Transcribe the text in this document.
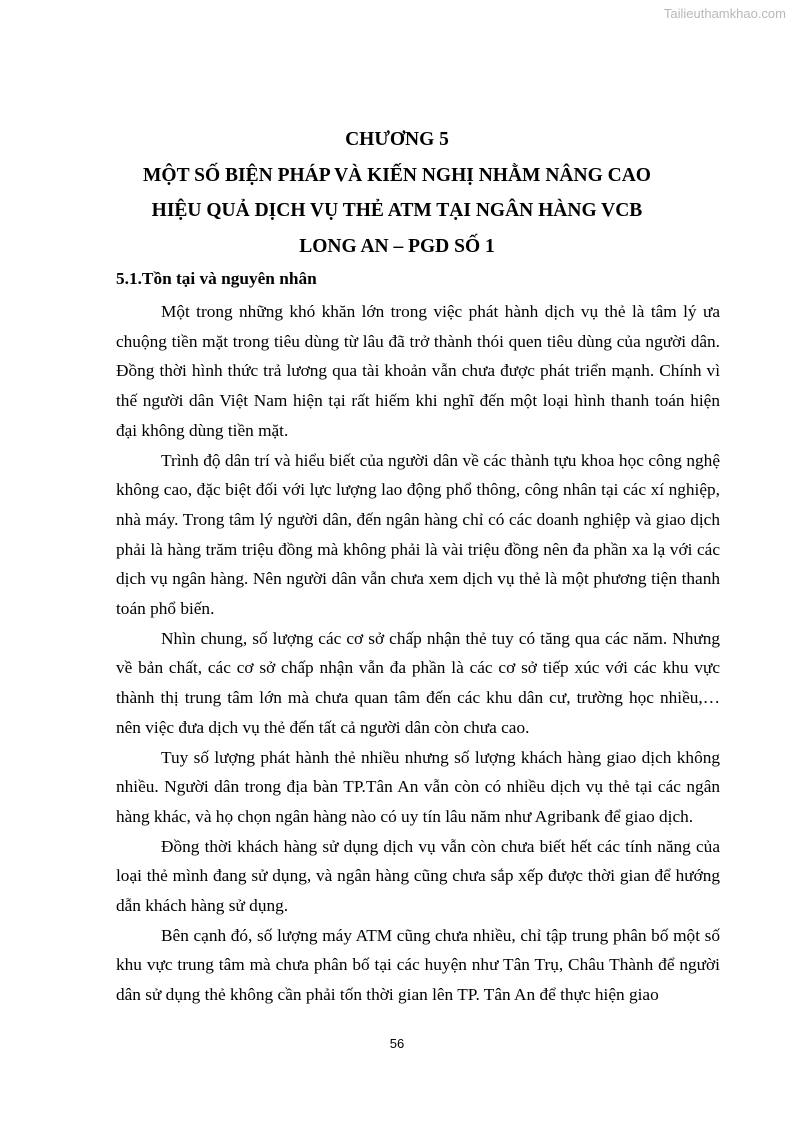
Tailieuthamkhao.com
CHƯƠNG 5
MỘT SỐ BIỆN PHÁP VÀ KIẾN NGHỊ NHẰM NÂNG CAO
HIỆU QUẢ DỊCH VỤ THẺ ATM TẠI NGÂN HÀNG VCB
LONG AN – PGD SỐ 1
5.1.Tồn tại và nguyên nhân

Một trong những khó khăn lớn trong việc phát hành dịch vụ thẻ là tâm lý ưa chuộng tiền mặt trong tiêu dùng từ lâu đã trở thành thói quen tiêu dùng của người dân. Đồng thời hình thức trả lương qua tài khoản vẫn chưa được phát triển mạnh. Chính vì thế người dân Việt Nam hiện tại rất hiếm khi nghĩ đến một loại hình thanh toán hiện đại không dùng tiền mặt.

Trình độ dân trí và hiểu biết của người dân về các thành tựu khoa học công nghệ không cao, đặc biệt đối với lực lượng lao động phổ thông, công nhân tại các xí nghiệp, nhà máy. Trong tâm lý người dân, đến ngân hàng chỉ có các doanh nghiệp và giao dịch phải là hàng trăm triệu đồng mà không phải là vài triệu đồng nên đa phần xa lạ với các dịch vụ ngân hàng. Nên người dân vẫn chưa xem dịch vụ thẻ là một phương tiện thanh toán phổ biến.

Nhìn chung, số lượng các cơ sở chấp nhận thẻ tuy có tăng qua các năm. Nhưng về bản chất, các cơ sở chấp nhận vẫn đa phần là các cơ sở tiếp xúc với các khu vực thành thị trung tâm lớn mà chưa quan tâm đến các khu dân cư, trường học nhiều,… nên việc đưa dịch vụ thẻ đến tất cả người dân còn chưa cao.

Tuy số lượng phát hành thẻ nhiều nhưng số lượng khách hàng giao dịch không nhiều. Người dân trong địa bàn TP.Tân An vẫn còn có nhiều dịch vụ thẻ tại các ngân hàng khác, và họ chọn ngân hàng nào có uy tín lâu năm như Agribank để giao dịch.

Đồng thời khách hàng sử dụng dịch vụ vẫn còn chưa biết hết các tính năng của loại thẻ mình đang sử dụng, và ngân hàng cũng chưa sắp xếp được thời gian để hướng dẫn khách hàng sử dụng.

Bên cạnh đó, số lượng máy ATM cũng chưa nhiều, chỉ tập trung phân bố một số khu vực trung tâm mà chưa phân bố tại các huyện như Tân Trụ, Châu Thành để người dân sử dụng thẻ không cần phải tốn thời gian lên TP. Tân An để thực hiện giao

56
